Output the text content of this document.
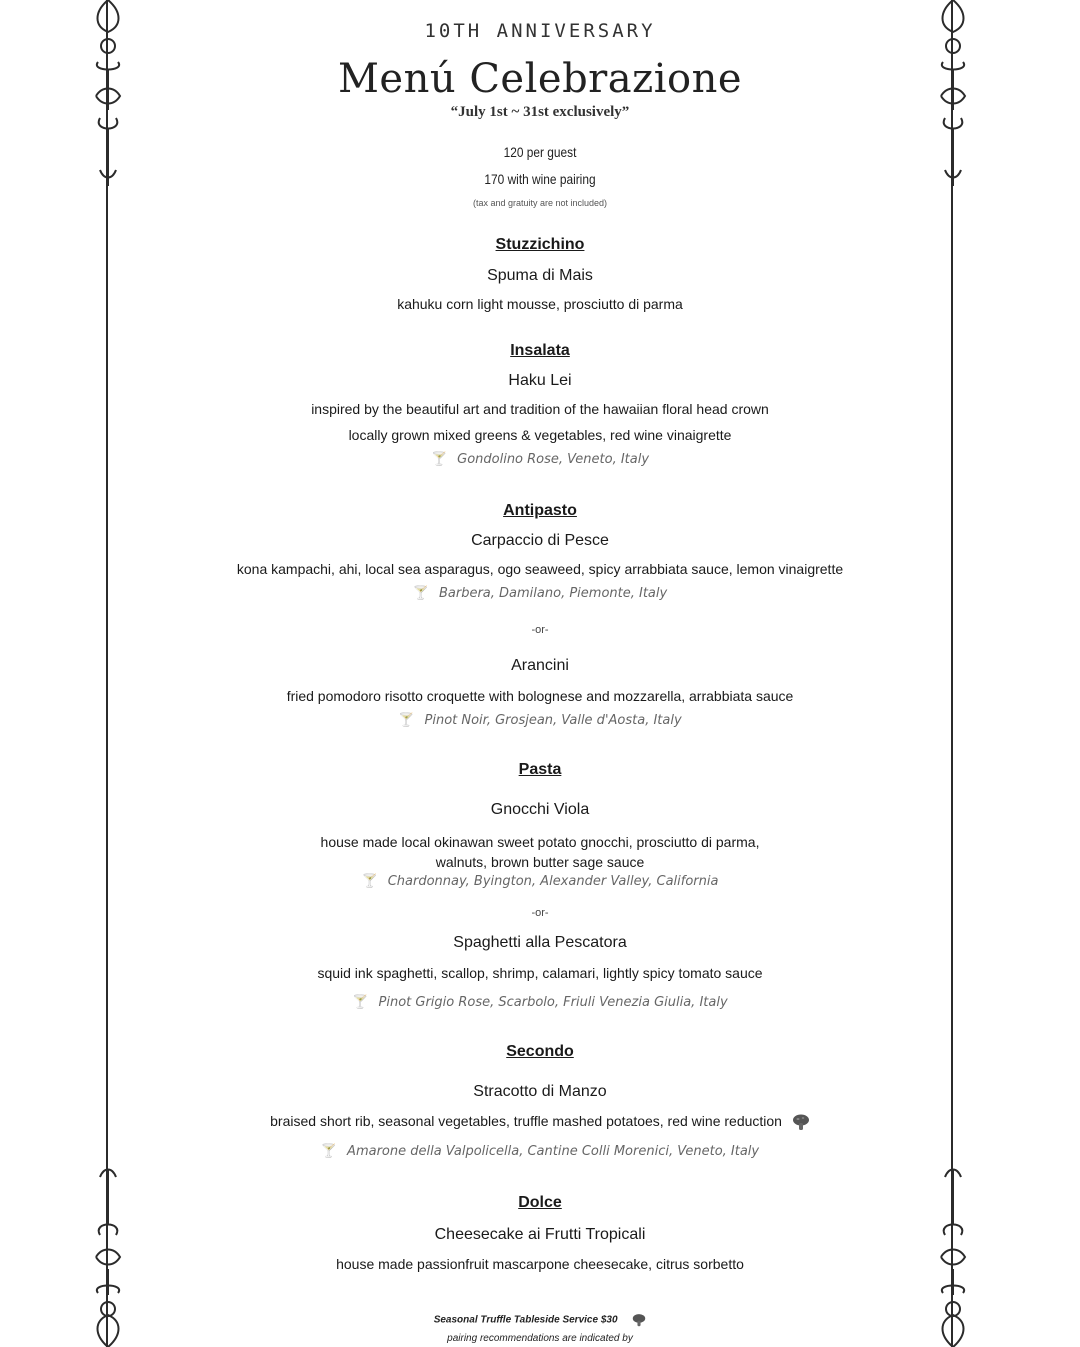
10TH ANNIVERSARY
Menú Celebrazione
“July 1st ~ 31st exclusively”
120 per guest
170 with wine pairing
(tax and gratuity are not included)
Stuzzichino
Spuma di Mais
kahuku corn light mousse, prosciutto di parma
Insalata
Haku Lei
inspired by the beautiful art and tradition of the hawaiian floral head crown
locally grown mixed greens & vegetables, red wine vinaigrette
🍸 Gondolino Rose, Veneto, Italy
Antipasto
Carpaccio di Pesce
kona kampachi, ahi, local sea asparagus, ogo seaweed, spicy arrabbiata sauce, lemon vinaigrette
🍸 Barbera, Damilano, Piemonte, Italy
-or-
Arancini
fried pomodoro risotto croquette with bolognese and mozzarella, arrabbiata sauce
🍸 Pinot Noir, Grosjean, Valle d'Aosta, Italy
Pasta
Gnocchi Viola
house made local okinawan sweet potato gnocchi, prosciutto di parma,
walnuts, brown butter sage sauce
🍸 Chardonnay, Byington, Alexander Valley, California
-or-
Spaghetti alla Pescatora
squid ink spaghetti, scallop, shrimp, calamari, lightly spicy tomato sauce
🍸 Pinot Grigio Rose, Scarbolo, Friuli Venezia Giulia, Italy
Secondo
Stracotto di Manzo
braised short rib, seasonal vegetables, truffle mashed potatoes, red wine reduction
🍸 Amarone della Valpolicella, Cantine Colli Morenici, Veneto, Italy
Dolce
Cheesecake ai Frutti Tropicali
house made passionfruit mascarpone cheesecake, citrus sorbetto
Seasonal Truffle Tableside Service $30
pairing recommendations are indicated by
